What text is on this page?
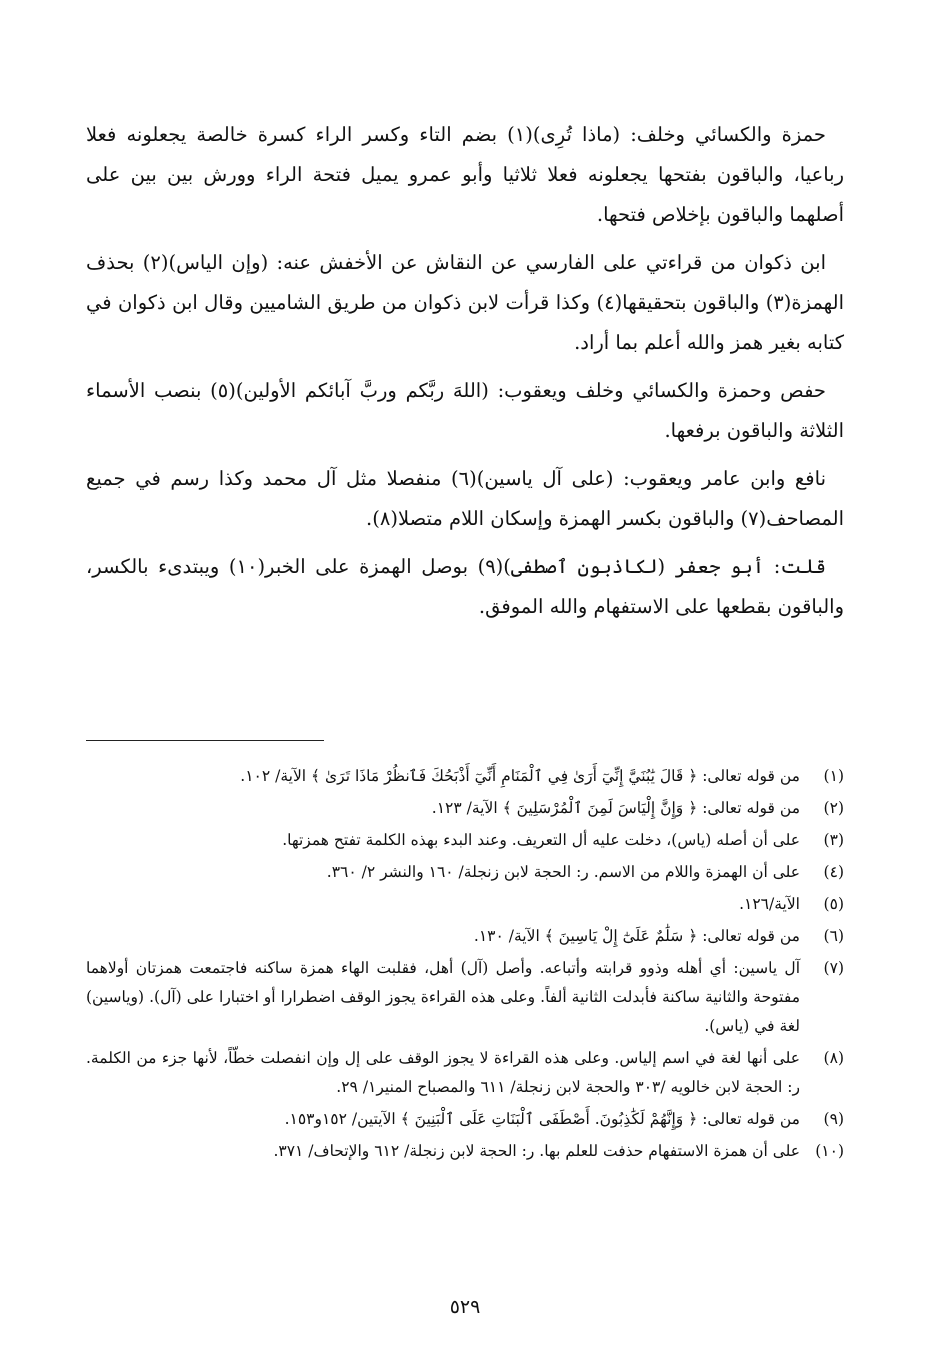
حمزة والكسائي وخلف: (ماذا تُرِى)(١) بضم التاء وكسر الراء كسرة خالصة يجعلونه فعلا رباعيا، والباقون بفتحها يجعلونه فعلا ثلاثيا وأبو عمرو يميل فتحة الراء وورش بين بين على أصلهما والباقون بإخلاص فتحها.

ابن ذكوان من قراءتي على الفارسي عن النقاش عن الأخفش عنه: (وإن الياس)(٢) بحذف الهمزة(٣) والباقون بتحقيقها(٤) وكذا قرأت لابن ذكوان من طريق الشاميين وقال ابن ذكوان في كتابه بغير همز والله أعلم بما أراد.

حفص وحمزة والكسائي وخلف ويعقوب: (اللهَ ربَّكم وربَّ آبائكم الأولين)(٥) بنصب الأسماء الثلاثة والباقون برفعها.

نافع وابن عامر ويعقوب: (على آل ياسين)(٦) منفصلا مثل آل محمد وكذا رسم في جميع المصاحف(٧) والباقون بكسر الهمزة وإسكان اللام متصلا(٨).

قلت: أبو جعفر (لكاذبون ٱصطفى)(٩) بوصل الهمزة على الخبر(١٠) ويبتدىء بالكسر، والباقون بقطعها على الاستفهام والله الموفق.

(١)
من قوله تعالى: ﴿ قَالَ يَٰبُنَيَّ إِنِّيٓ أَرَىٰ فِي ٱلْمَنَامِ أَنِّيٓ أَذْبَحُكَ فَٱنظُرْ مَاذَا تَرَىٰ ﴾ الآية/ ١٠٢.
(٢)
من قوله تعالى: ﴿ وَإِنَّ إِلْيَاسَ لَمِنَ ٱلْمُرْسَلِينَ ﴾ الآية/ ١٢٣.
(٣)
على أن أصله (ياس)، دخلت عليه أل التعريف. وعند البدء بهذه الكلمة تفتح همزتها.
(٤)
على أن الهمزة واللام من الاسم. ر: الحجة لابن زنجلة/ ١٦٠ والنشر ٢/ ٣٦٠.
(٥)
الآية/١٢٦.
(٦)
من قوله تعالى: ﴿ سَلَٰمٌ عَلَىٰٓ إِلْ يَاسِينَ ﴾ الآية/ ١٣٠.
(٧)
آل ياسين: أي أهله وذوو قرابته وأتباعه. وأصل (آل) أهل، فقلبت الهاء همزة ساكنه فاجتمعت همزتان أولاهما مفتوحة والثانية ساكنة فأبدلت الثانية ألفاً. وعلى هذه القراءة يجوز الوقف اضطرارا أو اختبارا على (آل). (وياسين) لغة في (ياس).
(٨)
على أنها لغة في اسم إلياس. وعلى هذه القراءة لا يجوز الوقف على إل وإن انفصلت خطّاً، لأنها جزء من الكلمة. ر: الحجة لابن خالويه /٣٠٣ والحجة لابن زنجلة/ ٦١١ والمصباح المنير١/ ٢٩.
(٩)
من قوله تعالى: ﴿ وَإِنَّهُمْ لَكَٰذِبُونَ. أَصْطَفَى ٱلْبَنَاتِ عَلَى ٱلْبَنِينَ ﴾ الآيتين/ ١٥٢و١٥٣.
(١٠)
على أن همزة الاستفهام حذفت للعلم بها. ر: الحجة لابن زنجلة/ ٦١٢ والإتحاف/ ٣٧١.
٥٢٩
